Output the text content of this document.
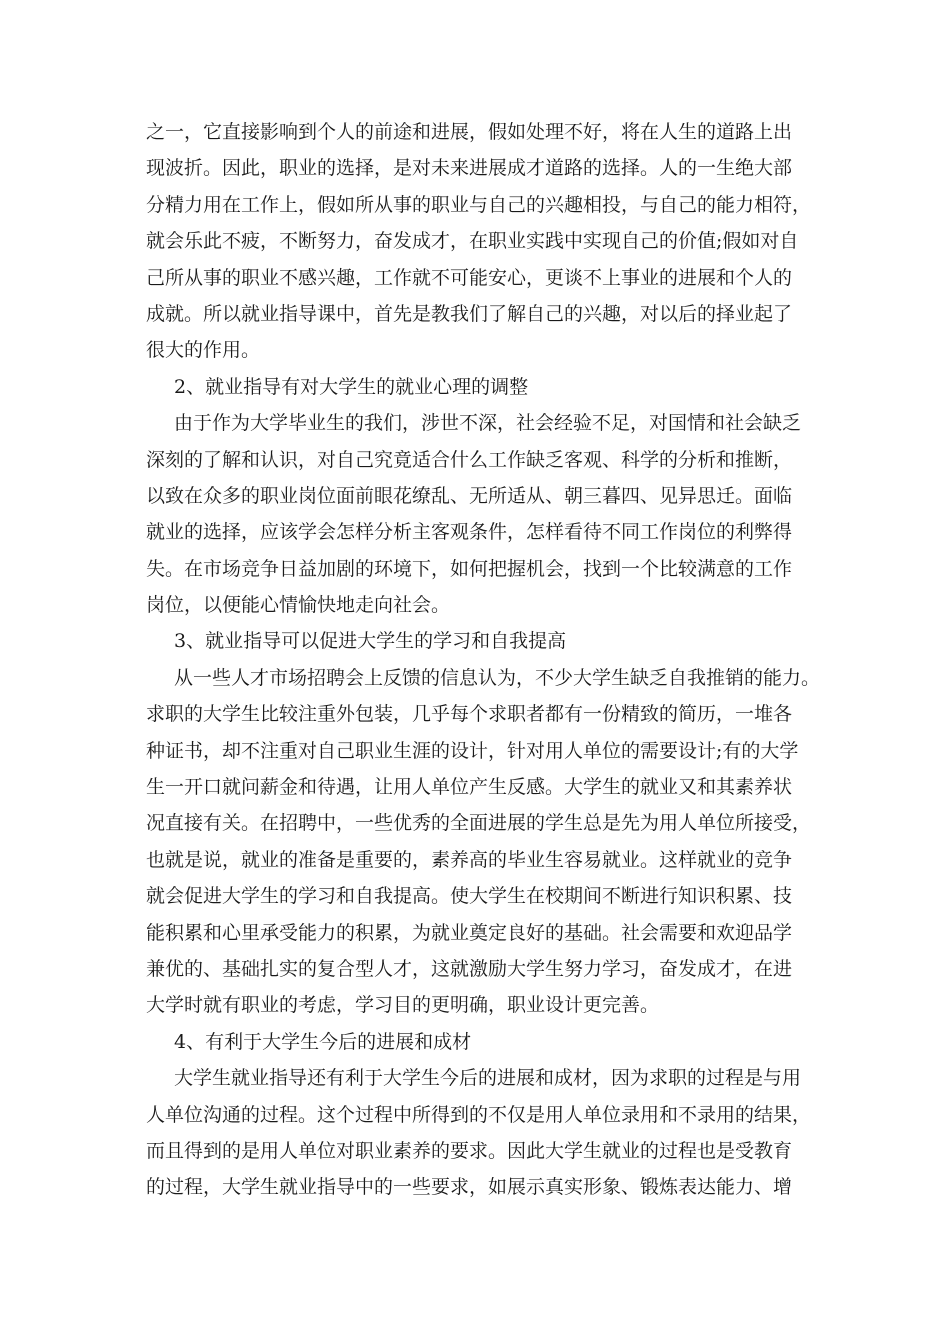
之一，它直接影响到个人的前途和进展，假如处理不好，将在人生的道路上出
现波折。因此，职业的选择，是对未来进展成才道路的选择。人的一生绝大部
分精力用在工作上，假如所从事的职业与自己的兴趣相投，与自己的能力相符，
就会乐此不疲，不断努力，奋发成才，在职业实践中实现自己的价值;假如对自
己所从事的职业不感兴趣，工作就不可能安心，更谈不上事业的进展和个人的
成就。所以就业指导课中，首先是教我们了解自己的兴趣，对以后的择业起了
很大的作用。
2、就业指导有对大学生的就业心理的调整
由于作为大学毕业生的我们，涉世不深，社会经验不足，对国情和社会缺乏
深刻的了解和认识，对自己究竟适合什么工作缺乏客观、科学的分析和推断，
以致在众多的职业岗位面前眼花缭乱、无所适从、朝三暮四、见异思迁。面临
就业的选择，应该学会怎样分析主客观条件，怎样看待不同工作岗位的利弊得
失。在市场竞争日益加剧的环境下，如何把握机会，找到一个比较满意的工作
岗位，以便能心情愉快地走向社会。
3、就业指导可以促进大学生的学习和自我提高
从一些人才市场招聘会上反馈的信息认为，不少大学生缺乏自我推销的能力。
求职的大学生比较注重外包装，几乎每个求职者都有一份精致的简历，一堆各
种证书，却不注重对自己职业生涯的设计，针对用人单位的需要设计;有的大学
生一开口就问薪金和待遇，让用人单位产生反感。大学生的就业又和其素养状
况直接有关。在招聘中，一些优秀的全面进展的学生总是先为用人单位所接受，
也就是说，就业的准备是重要的，素养高的毕业生容易就业。这样就业的竞争
就会促进大学生的学习和自我提高。使大学生在校期间不断进行知识积累、技
能积累和心里承受能力的积累，为就业奠定良好的基础。社会需要和欢迎品学
兼优的、基础扎实的复合型人才，这就激励大学生努力学习，奋发成才，在进
大学时就有职业的考虑，学习目的更明确，职业设计更完善。
4、有利于大学生今后的进展和成材
大学生就业指导还有利于大学生今后的进展和成材，因为求职的过程是与用
人单位沟通的过程。这个过程中所得到的不仅是用人单位录用和不录用的结果，
而且得到的是用人单位对职业素养的要求。因此大学生就业的过程也是受教育
的过程，大学生就业指导中的一些要求，如展示真实形象、锻炼表达能力、增
